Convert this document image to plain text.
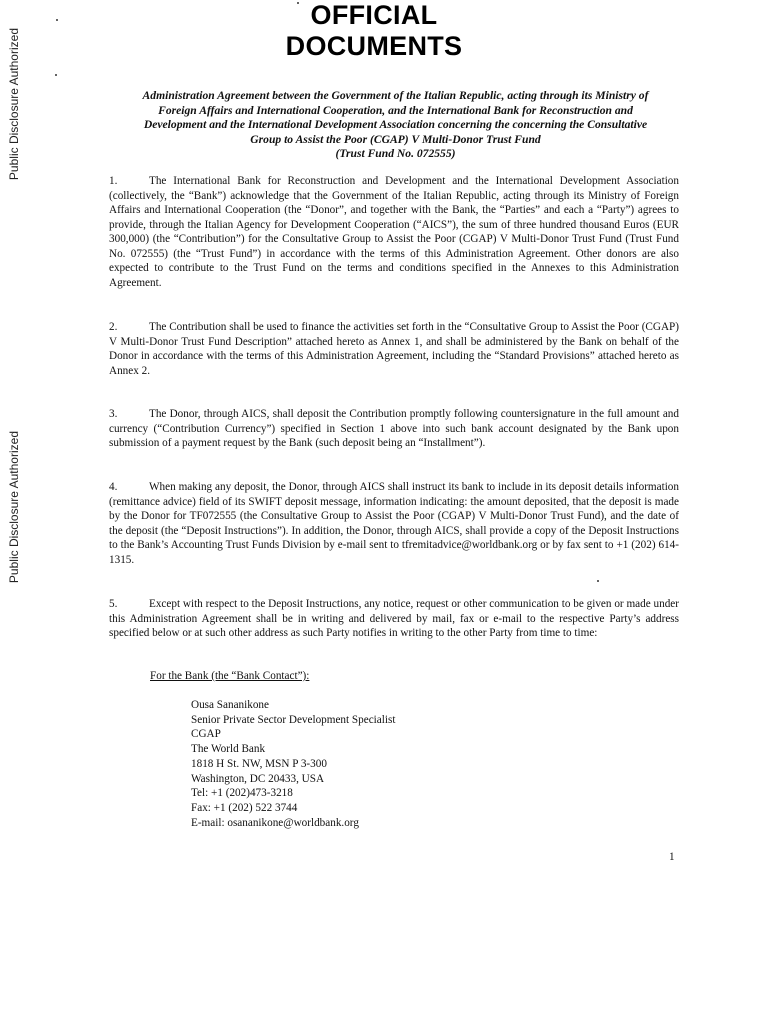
Public Disclosure Authorized
Public Disclosure Authorized
OFFICIAL
DOCUMENTS
Administration Agreement between the Government of the Italian Republic, acting through its Ministry of
Foreign Affairs and International Cooperation, and the International Bank for Reconstruction and
Development and the International Development Association concerning the concerning the Consultative
Group to Assist the Poor (CGAP) V Multi-Donor Trust Fund
(Trust Fund No. 072555)

1.	The International Bank for Reconstruction and Development and the International Development Association (collectively, the “Bank”) acknowledge that the Government of the Italian Republic, acting through its Ministry of Foreign Affairs and International Cooperation (the “Donor”, and together with the Bank, the “Parties” and each a “Party”) agrees to provide, through the Italian Agency for Development Cooperation (“AICS”), the sum of three hundred thousand Euros (EUR 300,000) (the “Contribution”) for the Consultative Group to Assist the Poor (CGAP) V Multi-Donor Trust Fund (Trust Fund No. 072555) (the “Trust Fund”) in accordance with the terms of this Administration Agreement. Other donors are also expected to contribute to the Trust Fund on the terms and conditions specified in the Annexes to this Administration Agreement.

2.	The Contribution shall be used to finance the activities set forth in the “Consultative Group to Assist the Poor (CGAP) V Multi-Donor Trust Fund Description” attached hereto as Annex 1, and shall be administered by the Bank on behalf of the Donor in accordance with the terms of this Administration Agreement, including the “Standard Provisions” attached hereto as Annex 2.

3.	The Donor, through AICS, shall deposit the Contribution promptly following countersignature in the full amount and currency (“Contribution Currency”) specified in Section 1 above into such bank account designated by the Bank upon submission of a payment request by the Bank (such deposit being an “Installment”).

4.	When making any deposit, the Donor, through AICS shall instruct its bank to include in its deposit details information (remittance advice) field of its SWIFT deposit message, information indicating: the amount deposited, that the deposit is made by the Donor for TF072555 (the Consultative Group to Assist the Poor (CGAP) V Multi-Donor Trust Fund), and the date of the deposit (the “Deposit Instructions”). In addition, the Donor, through AICS, shall provide a copy of the Deposit Instructions to the Bank’s Accounting Trust Funds Division by e-mail sent to tfremitadvice@worldbank.org or by fax sent to +1 (202) 614-1315.

5.	Except with respect to the Deposit Instructions, any notice, request or other communication to be given or made under this Administration Agreement shall be in writing and delivered by mail, fax or e-mail to the respective Party’s address specified below or at such other address as such Party notifies in writing to the other Party from time to time:

For the Bank (the “Bank Contact”):
Ousa Sananikone
Senior Private Sector Development Specialist
CGAP
The World Bank
1818 H St. NW, MSN P 3-300
Washington, DC 20433, USA
Tel: +1 (202)473-3218
Fax: +1 (202) 522 3744
E-mail: osananikone@worldbank.org
1
